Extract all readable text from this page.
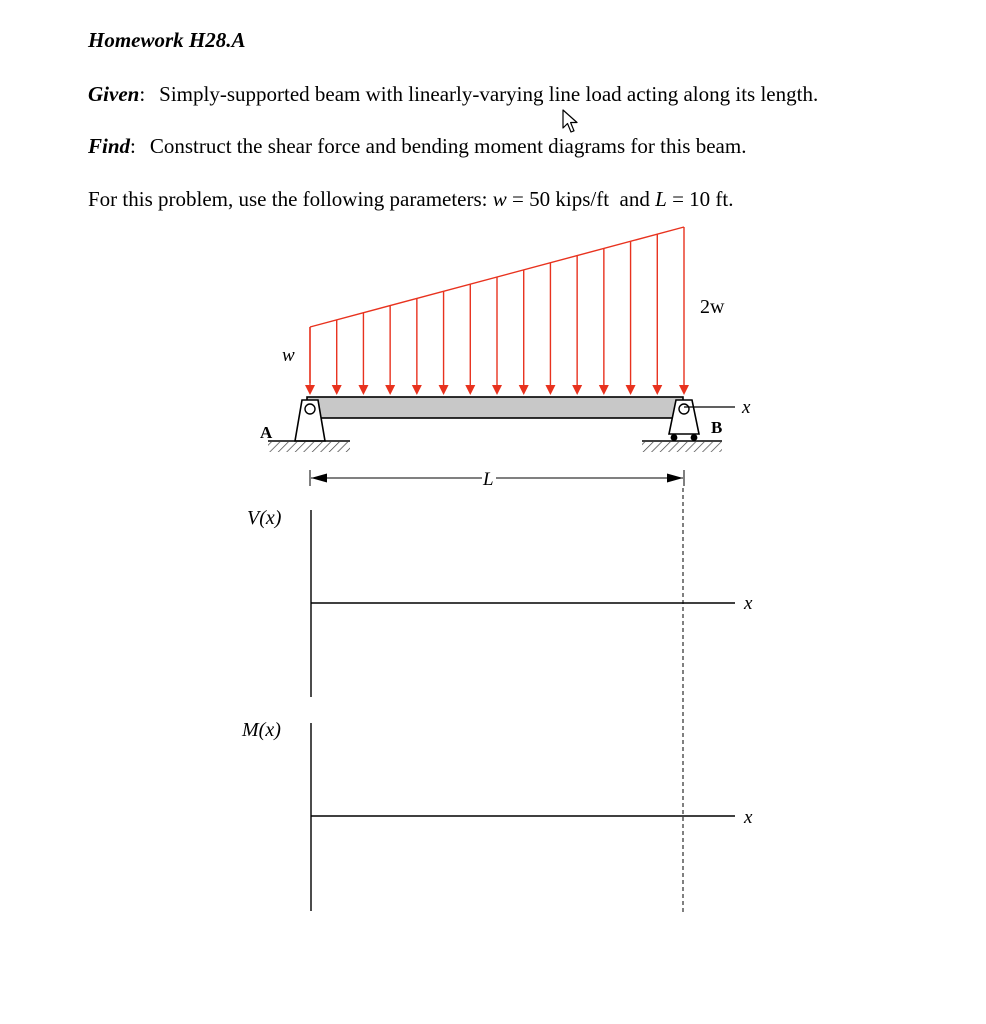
Homework H28.A
Given: Simply-supported beam with linearly-varying line load acting along its length.
Find: Construct the shear force and bending moment diagrams for this beam.
For this problem, use the following parameters: w = 50 kips/ft  and L = 10 ft.
w
2w
A	B
x
L
V(x)
x
M(x)
x
